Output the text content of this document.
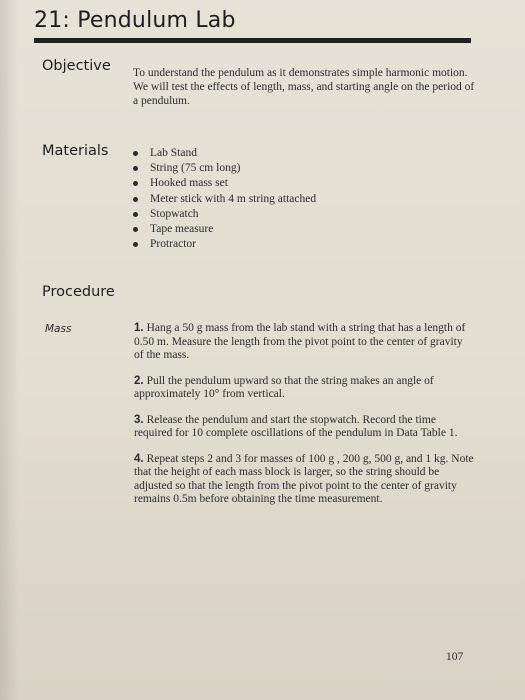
21: Pendulum Lab
Objective To understand the pendulum as it demonstrates simple harmonic motion. We will test the effects of length, mass, and starting angle on the period of a pendulum.
Materials	Lab Stand
String (75 cm long)
Hooked mass set
Meter stick with 4 m string attached
Stopwatch
Tape measure
Protractor
Procedure
Mass	1. Hang a 50 g mass from the lab stand with a string that has a length of 0.50 m. Measure the length from the pivot point to the center of gravity of the mass.

2. Pull the pendulum upward so that the string makes an angle of approximately 10° from vertical.

3. Release the pendulum and start the stopwatch. Record the time required for 10 complete oscillations of the pendulum in Data Table 1.

4. Repeat steps 2 and 3 for masses of 100 g , 200 g, 500 g, and 1 kg. Note that the height of each mass block is larger, so the string should be adjusted so that the length from the pivot point to the center of gravity remains 0.5m before obtaining the time measurement.

107
